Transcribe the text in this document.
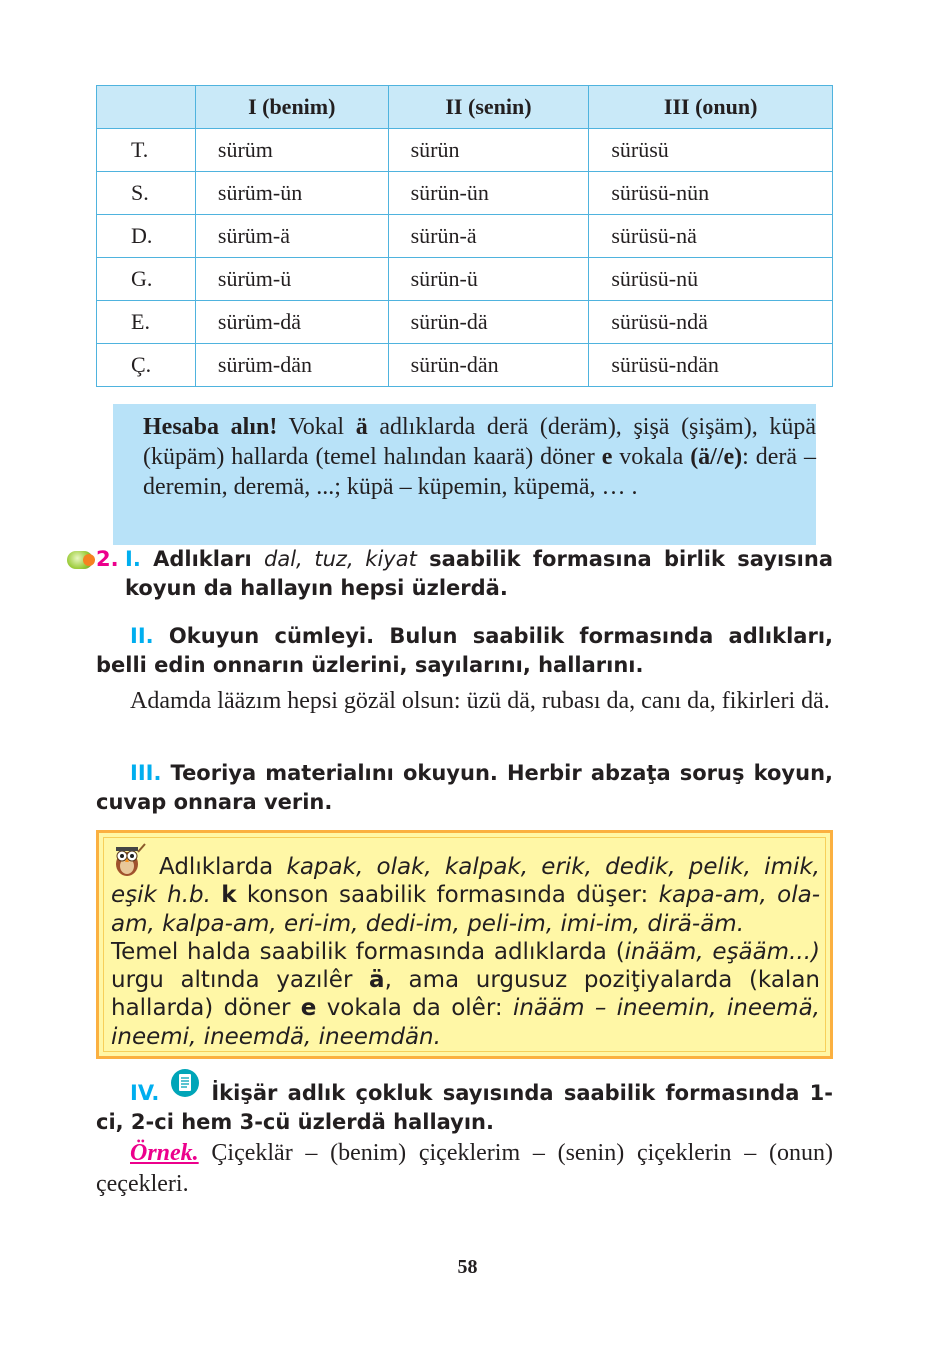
	I (benim)	II (senin)	III (onun)
T.	sürüm	sürün	sürüsü
S.	sürüm-ün	sürün-ün	sürüsü-nün
D.	sürüm-ä	sürün-ä	sürüsü-nä
G.	sürüm-ü	sürün-ü	sürüsü-nü
E.	sürüm-dä	sürün-dä	sürüsü-ndä
Ç.	sürüm-dän	sürün-dän	sürüsü-ndän
Hesaba alın! Vokal ä adlıklarda derä (deräm), şişä (şişäm), küpä (küpäm) hallarda (temel halından kaarä) döner e vokala (ä//e): derä – deremin, deremä, ...; küpä – küpemin, küpemä, … .
2. I. Adlıkları dal, tuz, kiyat saabilik formasına birlik sayısına koyun da hallayın hepsi üzlerdä.
II. Okuyun cümleyi. Bulun saabilik formasında adlıkları, belli edin onnarın üzlerini, sayılarını, hallarını.
Adamda lääzım hepsi gözäl olsun: üzü dä, rubası da, canı da, fikirleri dä.
III. Teoriya materialını okuyun. Herbir abzaţa soruş koyun, cuvap onnara verin.
Adlıklarda kapak, olak, kalpak, erik, dedik, pelik, imik, eşik h.b. k konson saabilik formasında düşer: kapa-am, ola-am, kalpa-am, eri-im, dedi-im, peli-im, imi-im, dirä-äm.
Temel halda saabilik formasında adlıklarda (inääm, eşääm...) urgu altında yazılêr ä, ama urgusuz poziţiyalarda (kalan hallarda) döner e vokala da olêr: inääm – ineemin, ineemä, ineemi, ineemdä, ineemdän.
IV. İkişär adlık çokluk sayısında saabilik formasında 1-ci, 2-ci hem 3-cü üzlerdä hallayın.
Örnek. Çiçeklär – (benim) çiçeklerim – (senin) çiçeklerin – (onun) çeçekleri.
58
